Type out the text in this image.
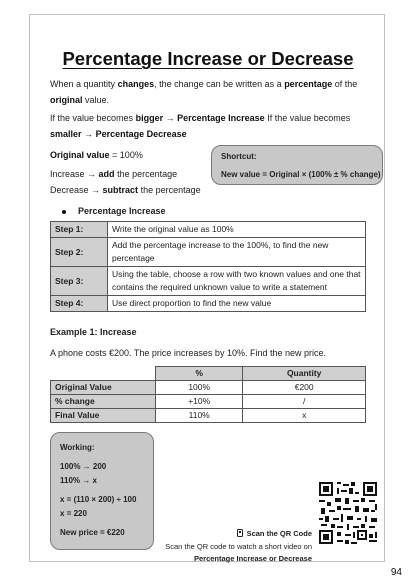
Percentage Increase or Decrease
When a quantity changes, the change can be written as a percentage of the
original value.
If the value becomes bigger → Percentage Increase If the value becomes
smaller → Percentage Decrease
Original value = 100%
Increase → add the percentage
Decrease → subtract the percentage
Shortcut:
New value = Original × (100% ± % change)
Percentage Increase
Step 1:	Write the original value as 100%
Step 2:	Add the percentage increase to the 100%, to find the new percentage
Step 3:	Using the table, choose a row with two known values and one that contains the required unknown value to write a statement
Step 4:	Use direct proportion to find the new value
Example 1: Increase
A phone costs €200. The price increases by 10%. Find the new price.
	%	Quantity
Original Value	100%	€200
% change	+10%	/
Final Value	110%	x
Working:
100% → 200
110% → x
x = (110 × 200) ÷ 100
x = 220
New price = €220	Scan the QR Code
Scan the QR code to watch a short video on
Percentage Increase or Decrease
94
